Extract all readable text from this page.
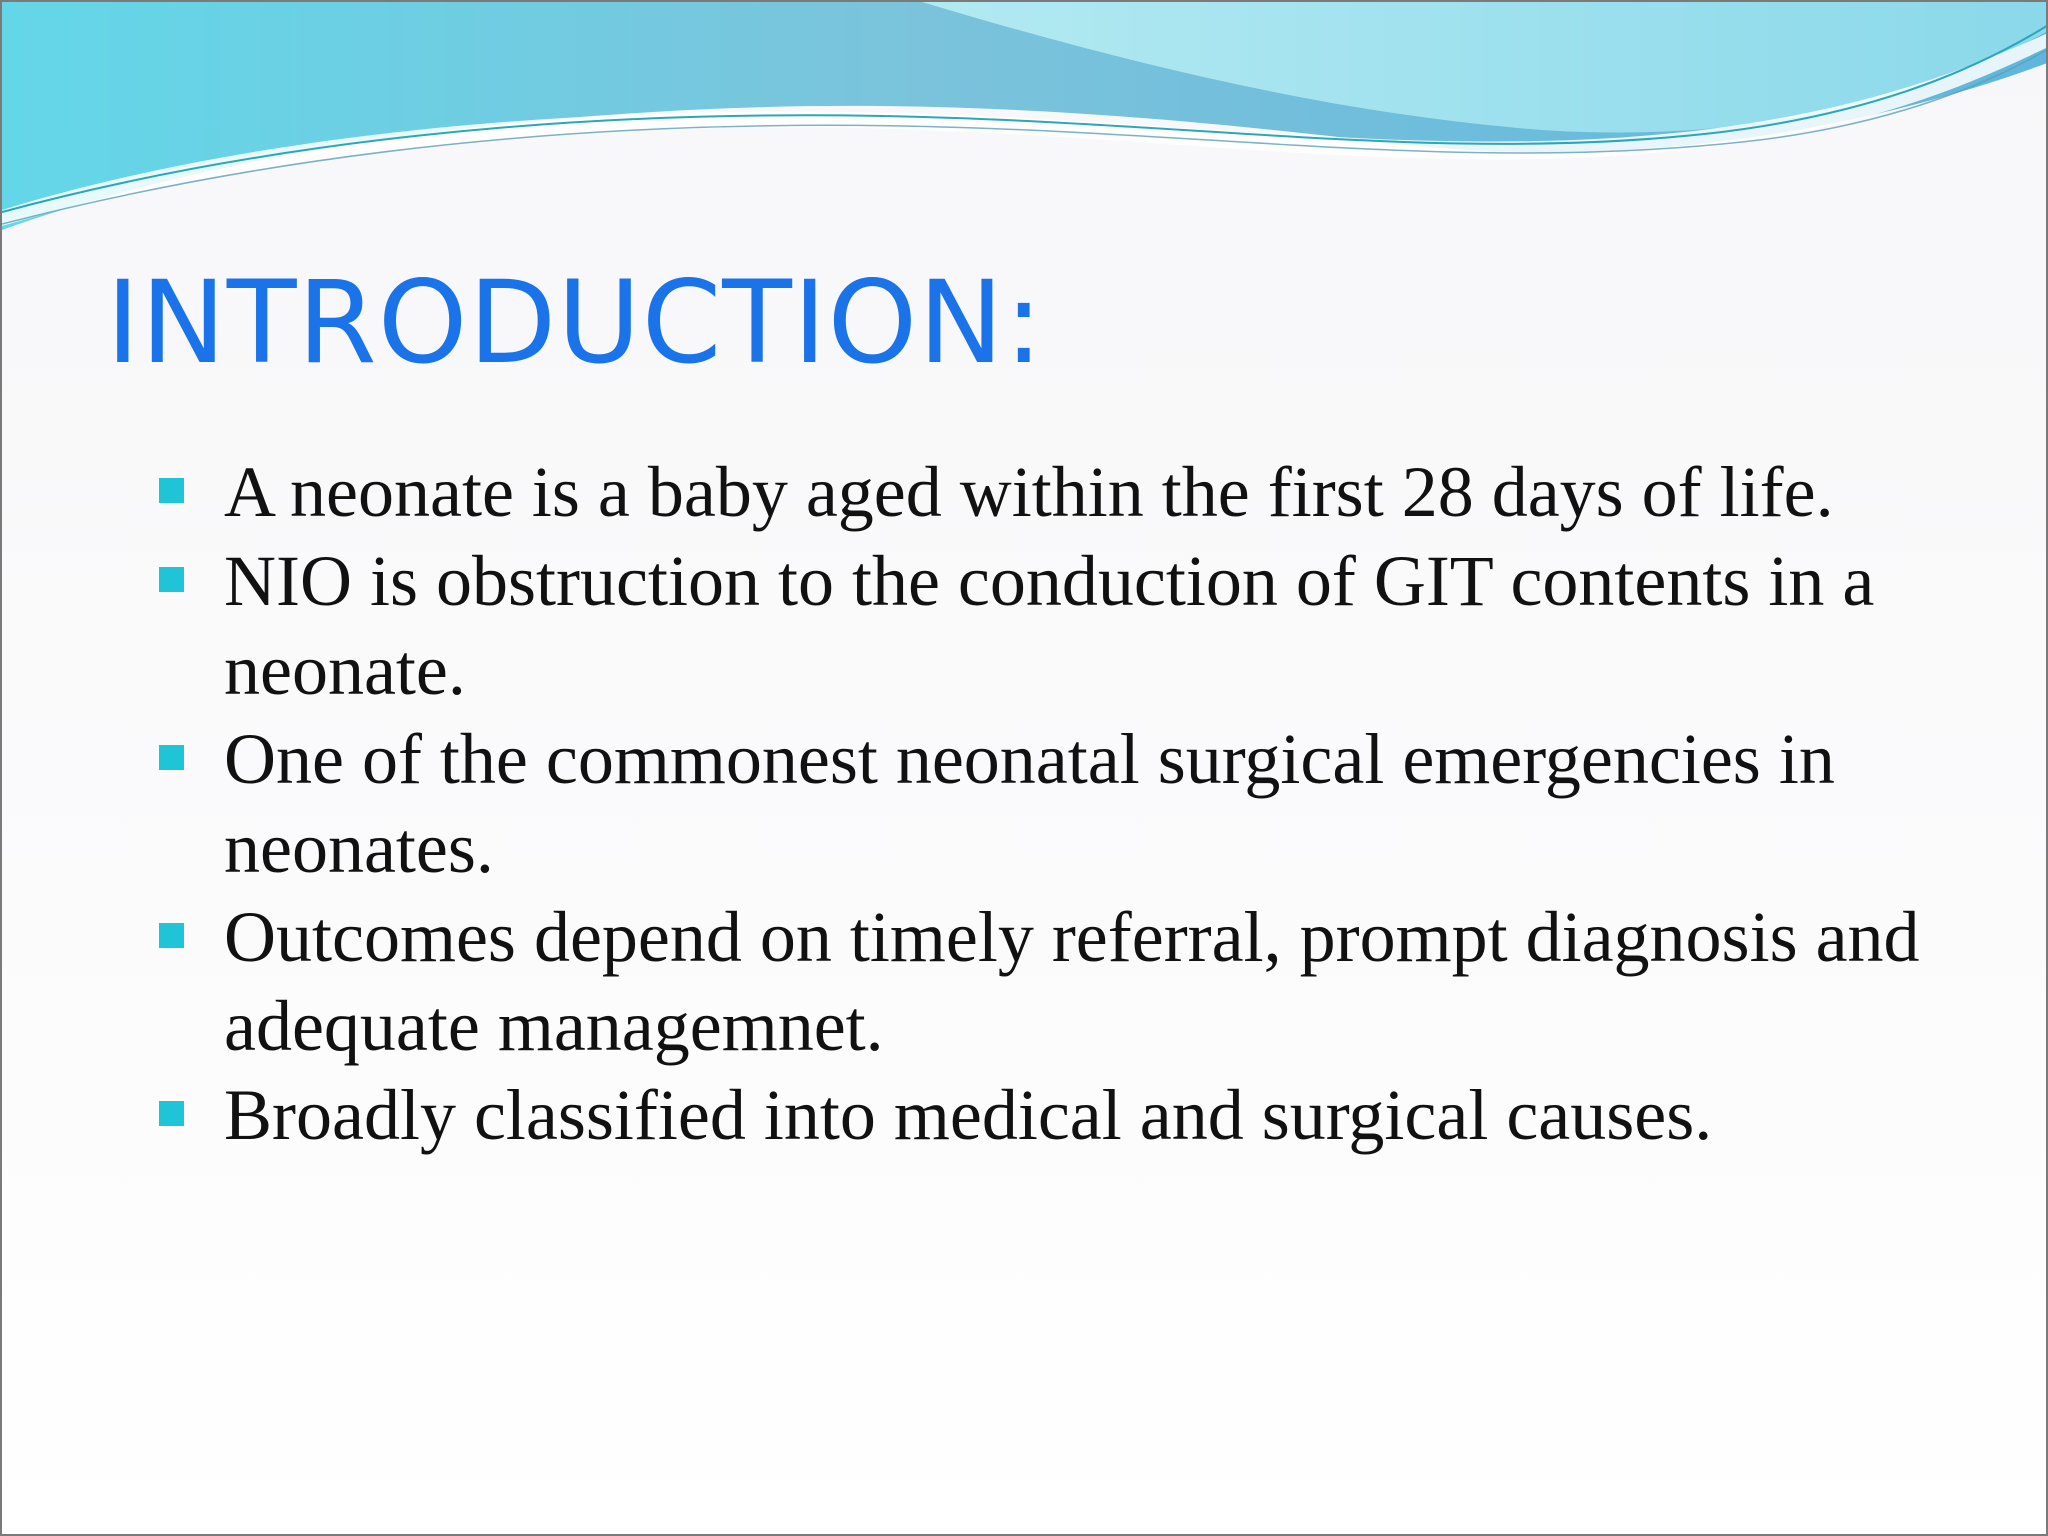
INTRODUCTION:
A neonate is a baby aged within the first 28 days of life.
NIO is obstruction to the conduction of GIT contents in a neonate.
One of the commonest neonatal surgical emergencies in neonates.
Outcomes depend on timely referral, prompt diagnosis and adequate managemnet.
Broadly classified into medical and surgical causes.
